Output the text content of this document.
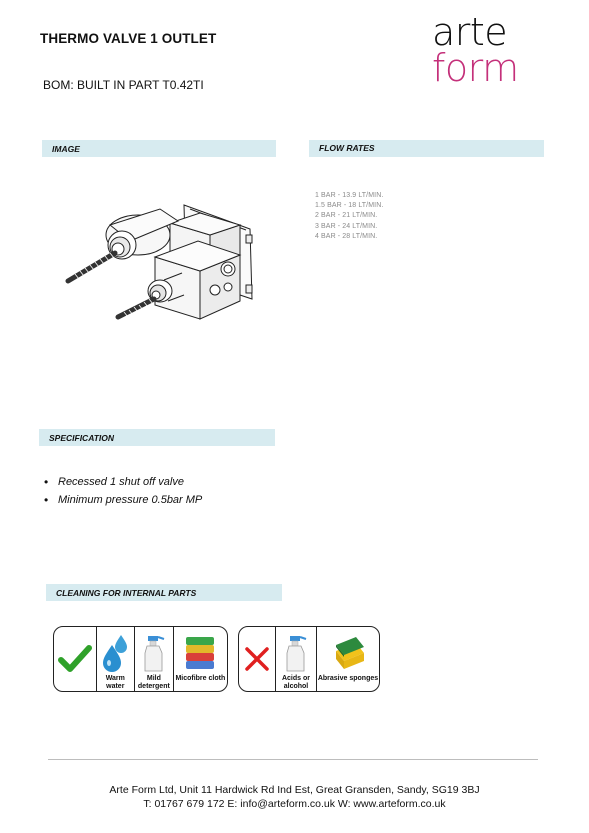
THERMO VALVE 1 OUTLET
BOM: BUILT IN PART T0.42TI
arte
form
IMAGE	FLOW RATES
SPECIFICATION
CLEANING FOR INTERNAL PARTS
1 BAR - 13.9 LT/MIN.
1.5 BAR - 18 LT/MIN.
2 BAR - 21 LT/MIN.
3 BAR - 24 LT/MIN.
4 BAR - 28 LT/MIN.
• Recessed 1 shut off valve
• Minimum pressure 0.5bar MP
Warm water
Mild detergent
Micofibre cloth	Acids or alcohol
Abrasive sponges
Arte Form Ltd, Unit 11 Hardwick Rd Ind Est, Great Gransden, Sandy, SG19 3BJ
T: 01767 679 172 E: info@arteform.co.uk W: www.arteform.co.uk
